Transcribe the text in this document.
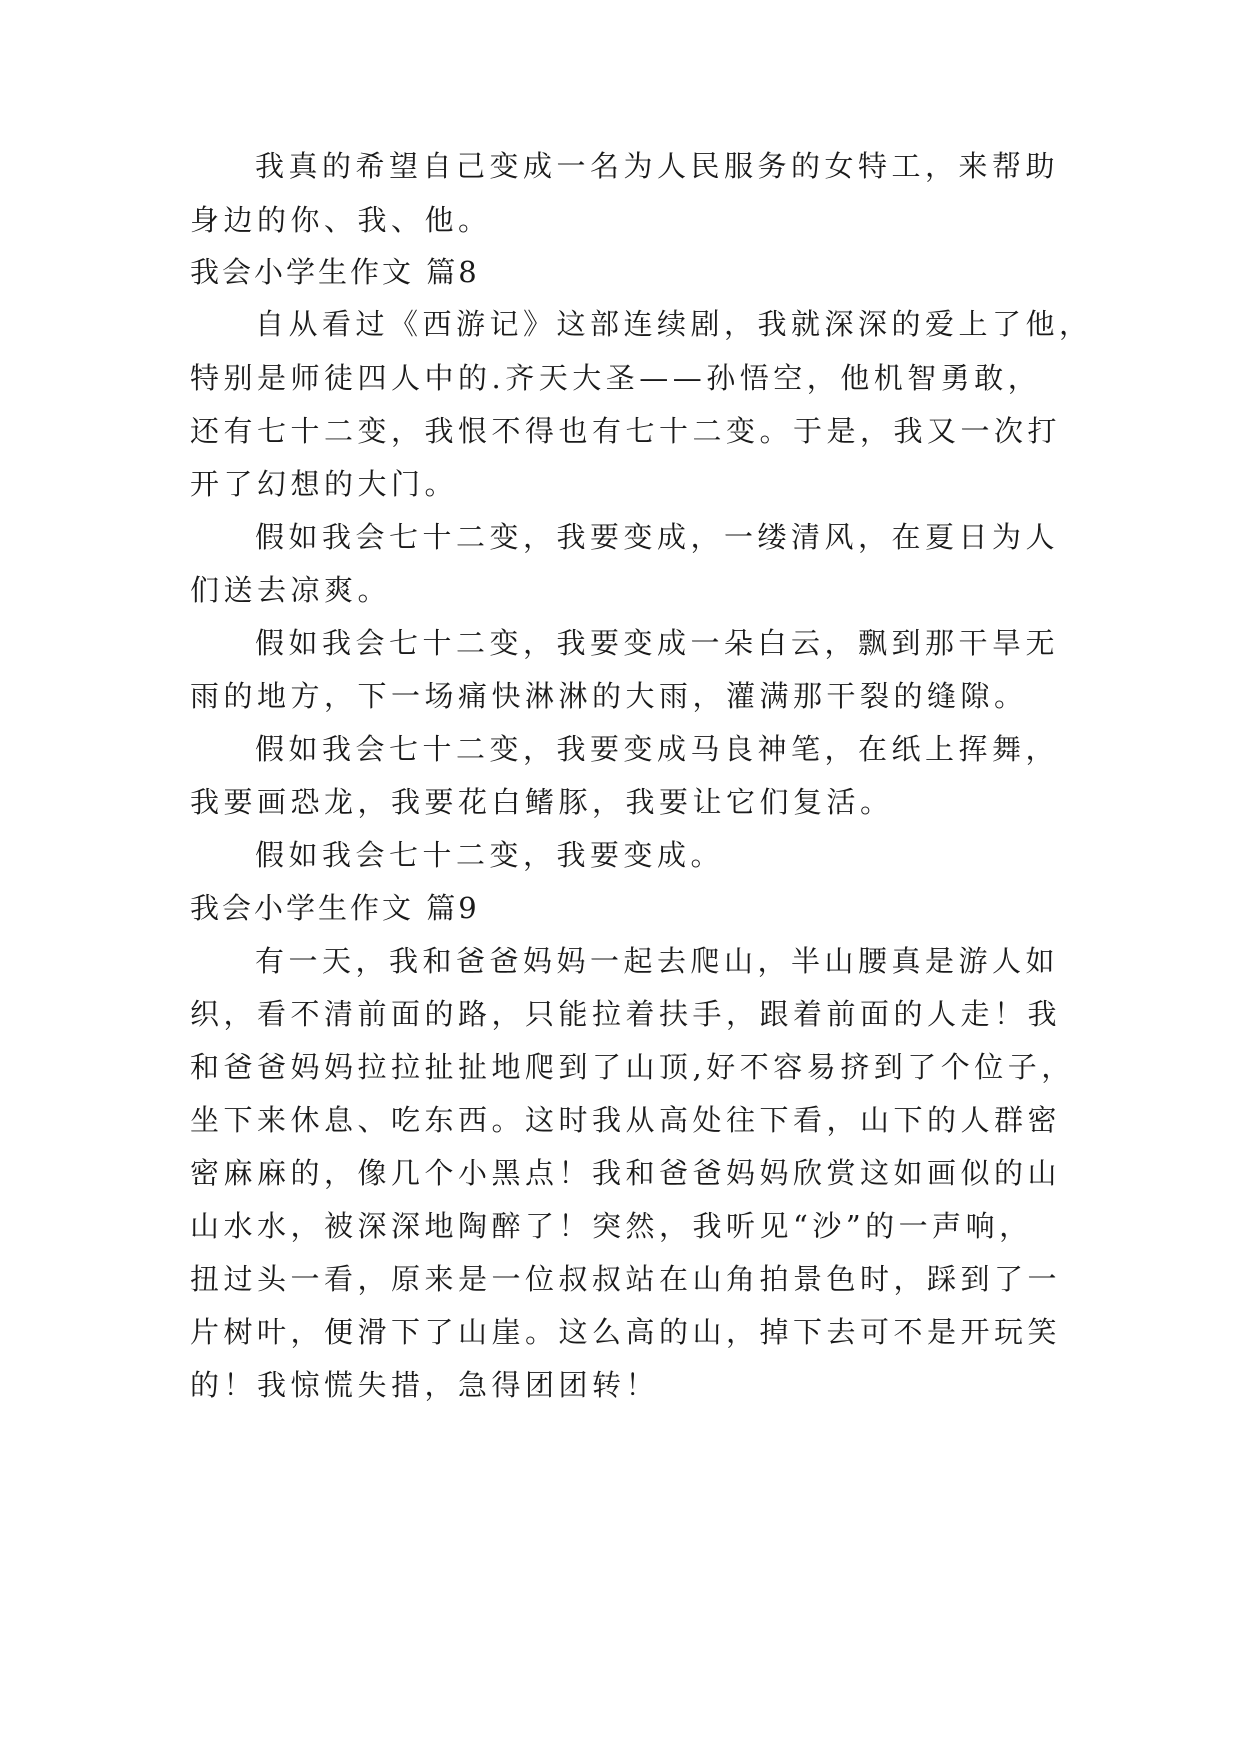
我真的希望自己变成一名为人民服务的女特工，来帮助
身边的你、我、他。
我会小学生作文 篇8
自从看过《西游记》这部连续剧，我就深深的爱上了他，
特别是师徒四人中的.齐天大圣——孙悟空，他机智勇敢，
还有七十二变，我恨不得也有七十二变。于是，我又一次打
开了幻想的大门。
假如我会七十二变，我要变成，一缕清风，在夏日为人
们送去凉爽。
假如我会七十二变，我要变成一朵白云，飘到那干旱无
雨的地方，下一场痛快淋淋的大雨，灌满那干裂的缝隙。
假如我会七十二变，我要变成马良神笔，在纸上挥舞，
我要画恐龙，我要花白鳍豚，我要让它们复活。
假如我会七十二变，我要变成。
我会小学生作文 篇9
有一天，我和爸爸妈妈一起去爬山，半山腰真是游人如
织，看不清前面的路，只能拉着扶手，跟着前面的人走！我
和爸爸妈妈拉拉扯扯地爬到了山顶,好不容易挤到了个位子，
坐下来休息、吃东西。这时我从高处往下看，山下的人群密
密麻麻的，像几个小黑点！我和爸爸妈妈欣赏这如画似的山
山水水，被深深地陶醉了！突然，我听见“沙”的一声响，
扭过头一看，原来是一位叔叔站在山角拍景色时，踩到了一
片树叶，便滑下了山崖。这么高的山，掉下去可不是开玩笑
的！我惊慌失措，急得团团转！
